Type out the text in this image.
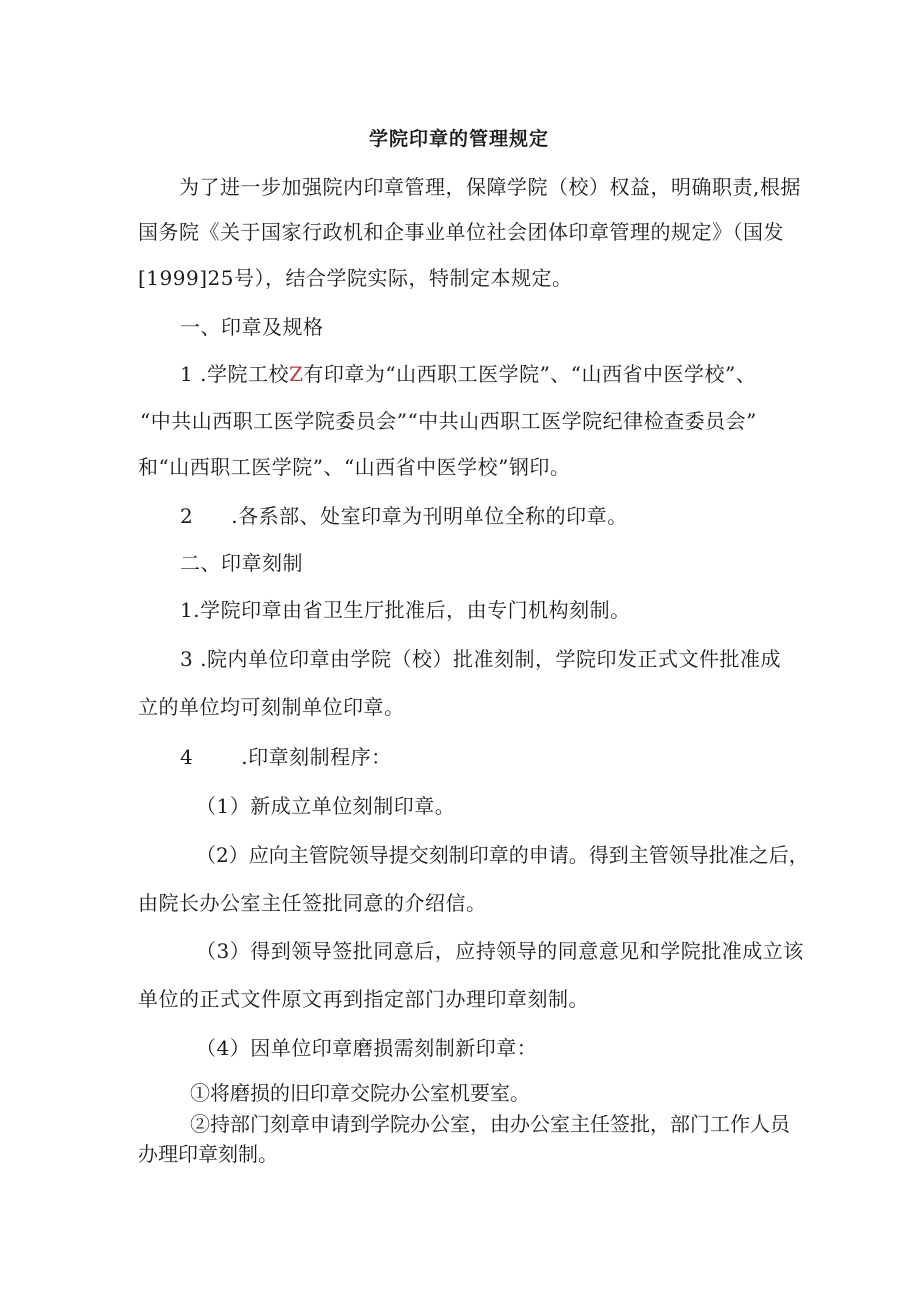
学院印章的管理规定
为了进一步加强院内印章管理，保障学院（校）权益，明确职责,根据
国务院《关于国家行政机和企事业单位社会团体印章管理的规定》（国发
[1999]25号），结合学院实际，特制定本规定。
一、印章及规格
1 .学院工校Z有印章为“山西职工医学院”、“山西省中医学校”、
“中共山西职工医学院委员会”“中共山西职工医学院纪律检查委员会”
和“山西职工医学院”、“山西省中医学校”钢印。
2 .各系部、处室印章为刊明单位全称的印章。
二、印章刻制
1.学院印章由省卫生厅批准后，由专门机构刻制。
3 .院内单位印章由学院（校）批准刻制，学院印发正式文件批准成
立的单位均可刻制单位印章。
4 .印章刻制程序：
（1）新成立单位刻制印章。
（2）应向主管院领导提交刻制印章的申请。得到主管领导批准之后，
由院长办公室主任签批同意的介绍信。
（3）得到领导签批同意后，应持领导的同意意见和学院批准成立该
单位的正式文件原文再到指定部门办理印章刻制。
（4）因单位印章磨损需刻制新印章：
①将磨损的旧印章交院办公室机要室。
②持部门刻章申请到学院办公室，由办公室主任签批，部门工作人员
办理印章刻制。
